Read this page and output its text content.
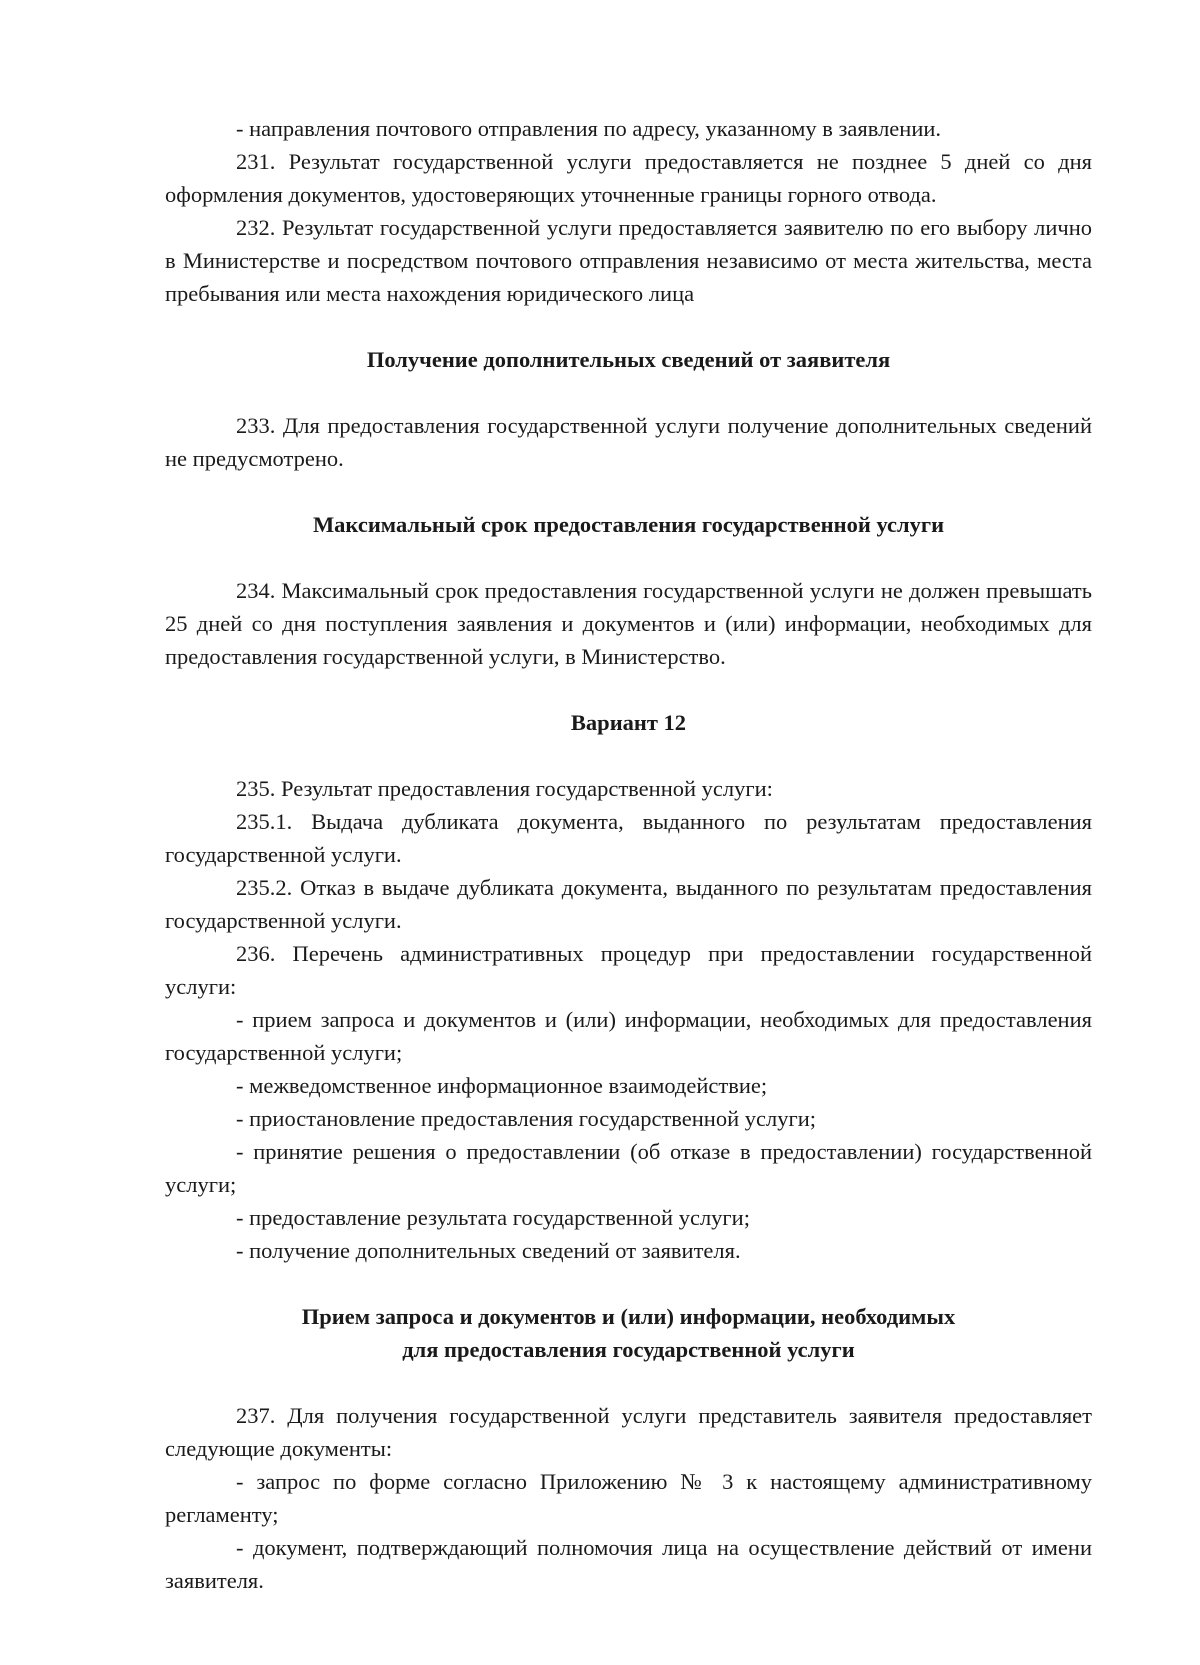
- направления почтового отправления по адресу, указанному в заявлении.

231. Результат государственной услуги предоставляется не позднее 5 дней со дня оформления документов, удостоверяющих уточненные границы горного отвода.

232. Результат государственной услуги предоставляется заявителю по его выбору лично в Министерстве и посредством почтового отправления независимо от места жительства, места пребывания или места нахождения юридического лица

Получение дополнительных сведений от заявителя

233. Для предоставления государственной услуги получение дополнительных сведений не предусмотрено.

Максимальный срок предоставления государственной услуги

234. Максимальный срок предоставления государственной услуги не должен превышать 25 дней со дня поступления заявления и документов и (или) информации, необходимых для предоставления государственной услуги, в Министерство.

Вариант 12

235. Результат предоставления государственной услуги:

235.1. Выдача дубликата документа, выданного по результатам предоставления государственной услуги.

235.2. Отказ в выдаче дубликата документа, выданного по результатам предоставления государственной услуги.

236. Перечень административных процедур при предоставлении государственной услуги:

- прием запроса и документов и (или) информации, необходимых для предоставления государственной услуги;

- межведомственное информационное взаимодействие;

- приостановление предоставления государственной услуги;

- принятие решения о предоставлении (об отказе в предоставлении) государственной услуги;

- предоставление результата государственной услуги;

- получение дополнительных сведений от заявителя.

Прием запроса и документов и (или) информации, необходимых

для предоставления государственной услуги

237. Для получения государственной услуги представитель заявителя предоставляет следующие документы:

- запрос по форме согласно Приложению № 3 к настоящему административному регламенту;

- документ, подтверждающий полномочия лица на осуществление действий от имени заявителя.
